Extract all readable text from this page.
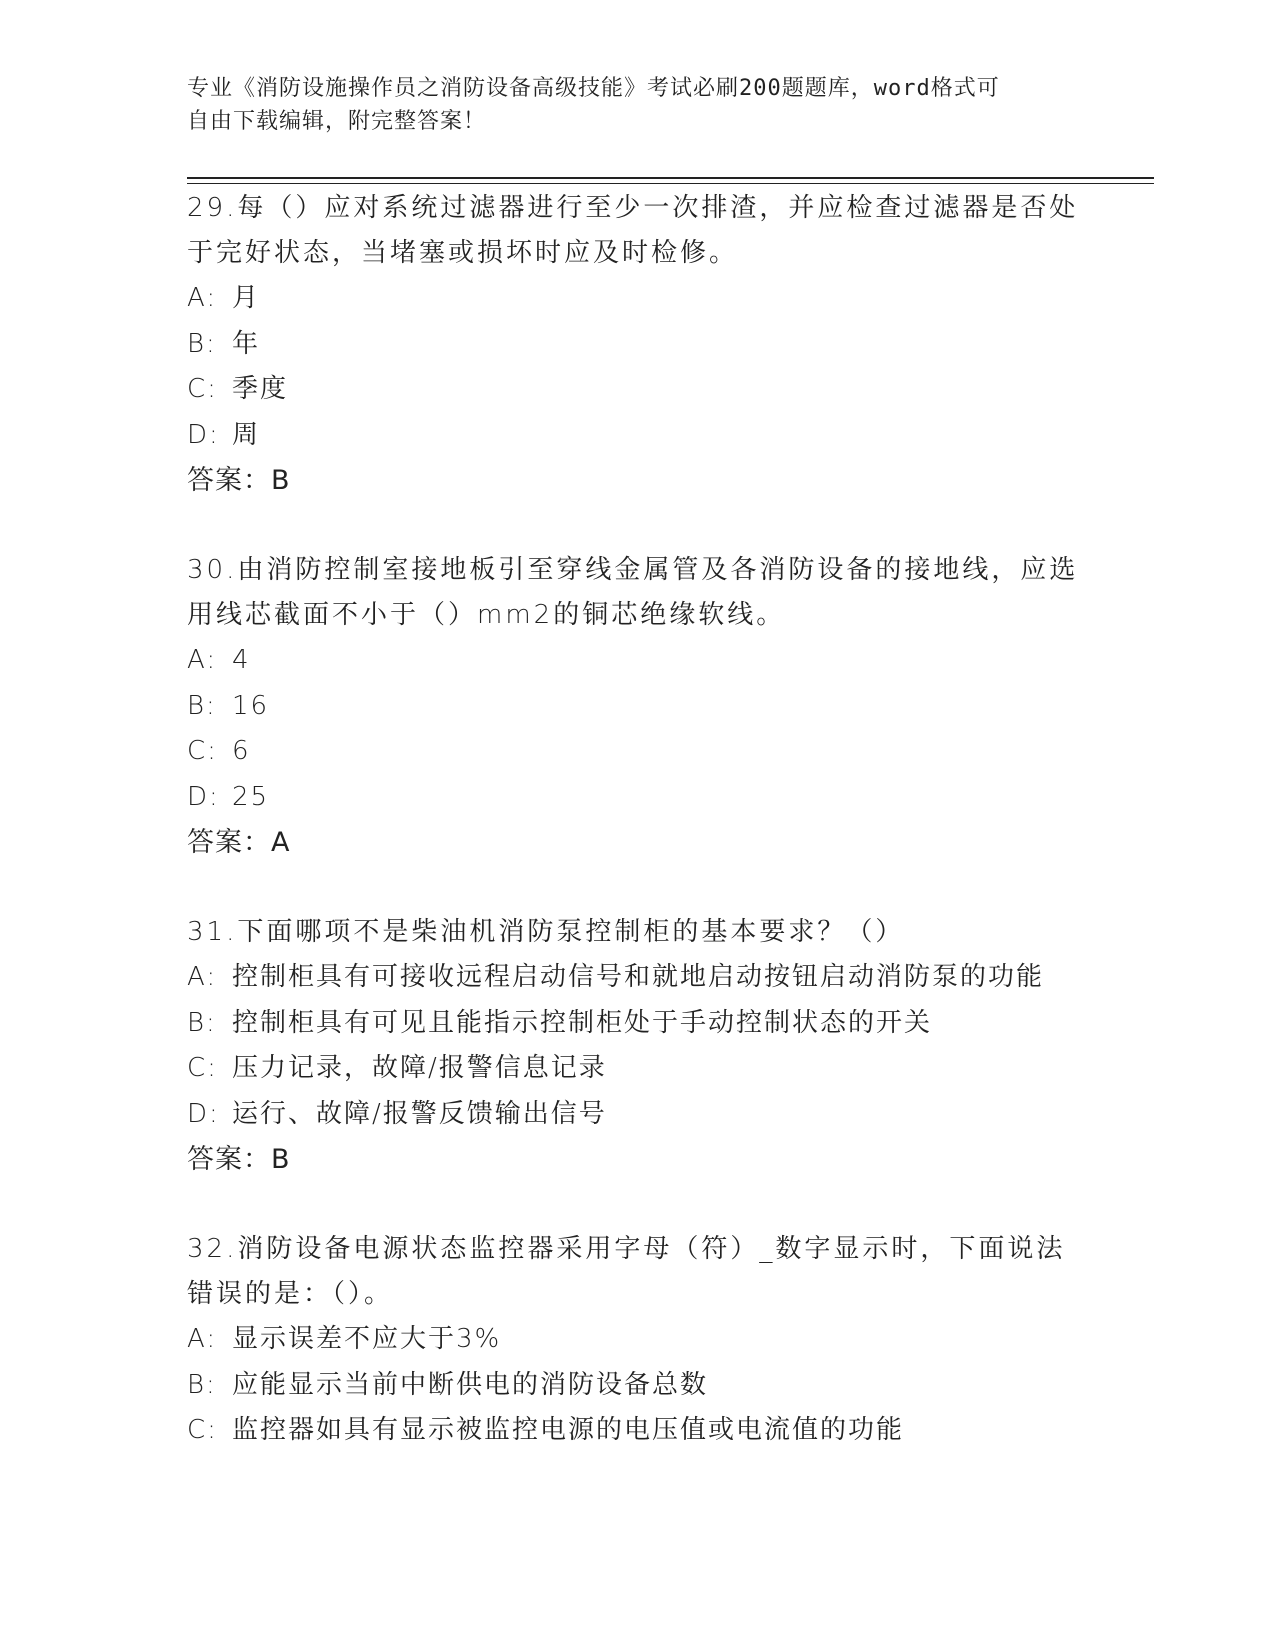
专业《消防设施操作员之消防设备高级技能》考试必刷200题题库，word格式可
自由下载编辑，附完整答案！
29.每（）应对系统过滤器进行至少一次排渣，并应检查过滤器是否处于完好状态，当堵塞或损坏时应及时检修。
A: 月
B: 年
C: 季度
D: 周
答案：B
30.由消防控制室接地板引至穿线金属管及各消防设备的接地线，应选用线芯截面不小于（）mm2的铜芯绝缘软线。
A: 4
B: 16
C: 6
D: 25
答案：A
31.下面哪项不是柴油机消防泵控制柜的基本要求？（）
A: 控制柜具有可接收远程启动信号和就地启动按钮启动消防泵的功能
B: 控制柜具有可见且能指示控制柜处于手动控制状态的开关
C: 压力记录，故障/报警信息记录
D: 运行、故障/报警反馈输出信号
答案：B
32.消防设备电源状态监控器采用字母（符）_数字显示时，下面说法错误的是：（）。
A: 显示误差不应大于3%
B: 应能显示当前中断供电的消防设备总数
C: 监控器如具有显示被监控电源的电压值或电流值的功能
